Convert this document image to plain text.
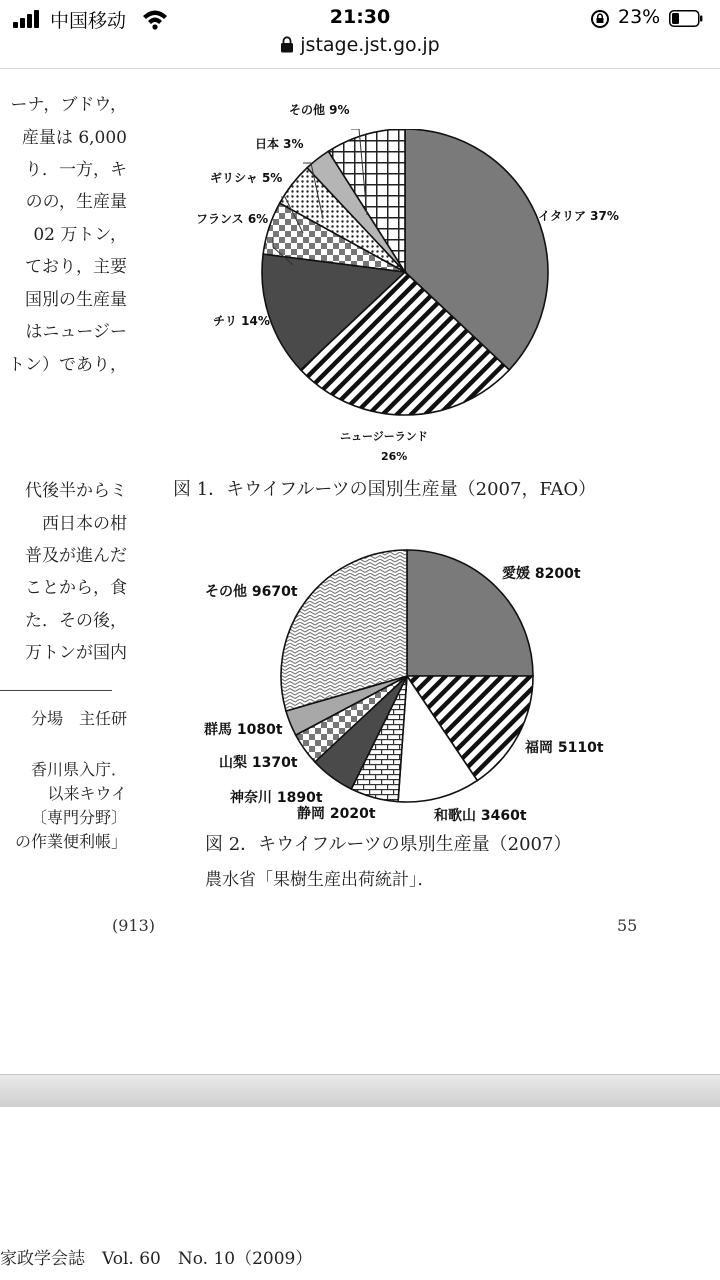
中国移动	21:30	23%
jstage.jst.go.jp
ーナ，ブドウ，
産量は 6,000
り．一方，キ
のの，生産量
02 万トン，
ており，主要
国別の生産量
はニュージー
トン）であり，
代後半からミ
西日本の柑
普及が進んだ
ことから，食
た．その後，
万トンが国内
分場　主任研
香川県入庁．
以来キウイ
〔専門分野〕
の作業便利帳」
イタリア 37%
ニュージーランド
26%
チリ 14%
フランス 6%
ギリシャ 5%
日本 3%
その他 9%
図 1．キウイフルーツの国別生産量（2007，FAO）
愛媛 8200t
福岡 5110t
和歌山 3460t
静岡 2020t
神奈川 1890t
山梨 1370t
群馬 1080t
その他 9670t
図 2．キウイフルーツの県別生産量（2007）
農水省「果樹生産出荷統計」．
(913)	55
家政学会誌　Vol. 60　No. 10（2009）
